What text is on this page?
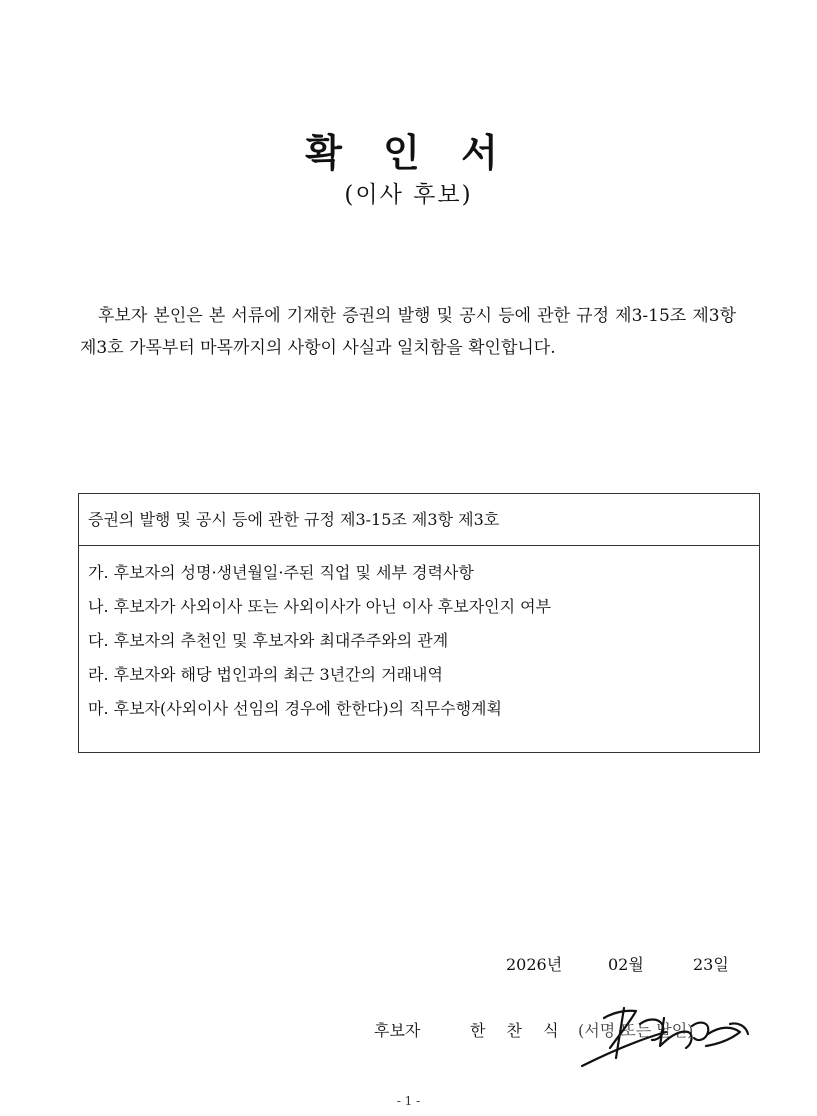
확 인 서
(이사 후보)

후보자 본인은 본 서류에 기재한 증권의 발행 및 공시 등에 관한 규정 제3-15조 제3항 제3호 가목부터 마목까지의 사항이 사실과 일치함을 확인합니다.

증권의 발행 및 공시 등에 관한 규정 제3-15조 제3항 제3호
가. 후보자의 성명·생년월일·주된 직업 및 세부 경력사항
나. 후보자가 사외이사 또는 사외이사가 아닌 이사 후보자인지 여부
다. 후보자의 추천인 및 후보자와 최대주주와의 관계
라. 후보자와 해당 법인과의 최근 3년간의 거래내역
마. 후보자(사외이사 선임의 경우에 한한다)의 직무수행계획
2026년	02월	23일
후보자	한 찬 식 (서명 또는 날인)
- 1 -
